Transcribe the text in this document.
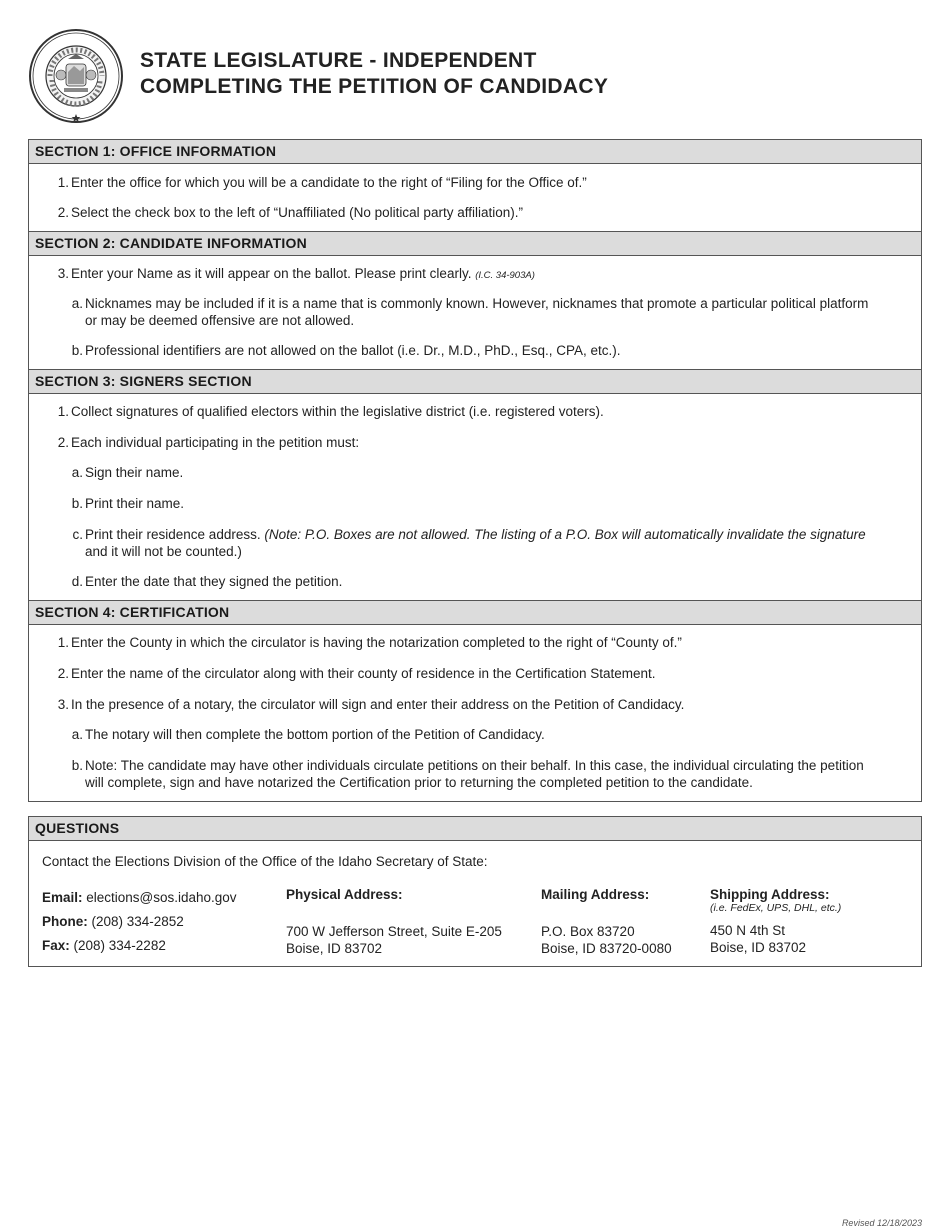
STATE LEGISLATURE - INDEPENDENT
COMPLETING THE PETITION OF CANDIDACY
SECTION 1: OFFICE INFORMATION
1. Enter the office for which you will be a candidate to the right of “Filing for the Office of.”
2. Select the check box to the left of “Unaffiliated (No political party affiliation).”
SECTION 2: CANDIDATE INFORMATION
3. Enter your Name as it will appear on the ballot. Please print clearly. (I.C. 34-903A)
a. Nicknames may be included if it is a name that is commonly known. However, nicknames that promote a particular political platform
or may be deemed offensive are not allowed.
b. Professional identifiers are not allowed on the ballot (i.e. Dr., M.D., PhD., Esq., CPA, etc.).
SECTION 3: SIGNERS SECTION
1. Collect signatures of qualified electors within the legislative district (i.e. registered voters).
2. Each individual participating in the petition must:
a. Sign their name.
b. Print their name.
c. Print their residence address. (Note: P.O. Boxes are not allowed. The listing of a P.O. Box will automatically invalidate the signature
and it will not be counted.)
d. Enter the date that they signed the petition.
SECTION 4: CERTIFICATION
1. Enter the County in which the circulator is having the notarization completed to the right of “County of.”
2. Enter the name of the circulator along with their county of residence in the Certification Statement.
3. In the presence of a notary, the circulator will sign and enter their address on the Petition of Candidacy.
a. The notary will then complete the bottom portion of the Petition of Candidacy.
b. Note: The candidate may have other individuals circulate petitions on their behalf. In this case, the individual circulating the petition
will complete, sign and have notarized the Certification prior to returning the completed petition to the candidate.
QUESTIONS
Contact the Elections Division of the Office of the Idaho Secretary of State:
Email: elections@sos.idaho.gov
Phone: (208) 334-2852
Fax: (208) 334-2282
Physical Address:
700 W Jefferson Street, Suite E-205
Boise, ID 83702
Mailing Address:
P.O. Box 83720
Boise, ID 83720-0080
Shipping Address:
(i.e. FedEx, UPS, DHL, etc.)
450 N 4th St
Boise, ID 83702
Revised 12/18/2023
